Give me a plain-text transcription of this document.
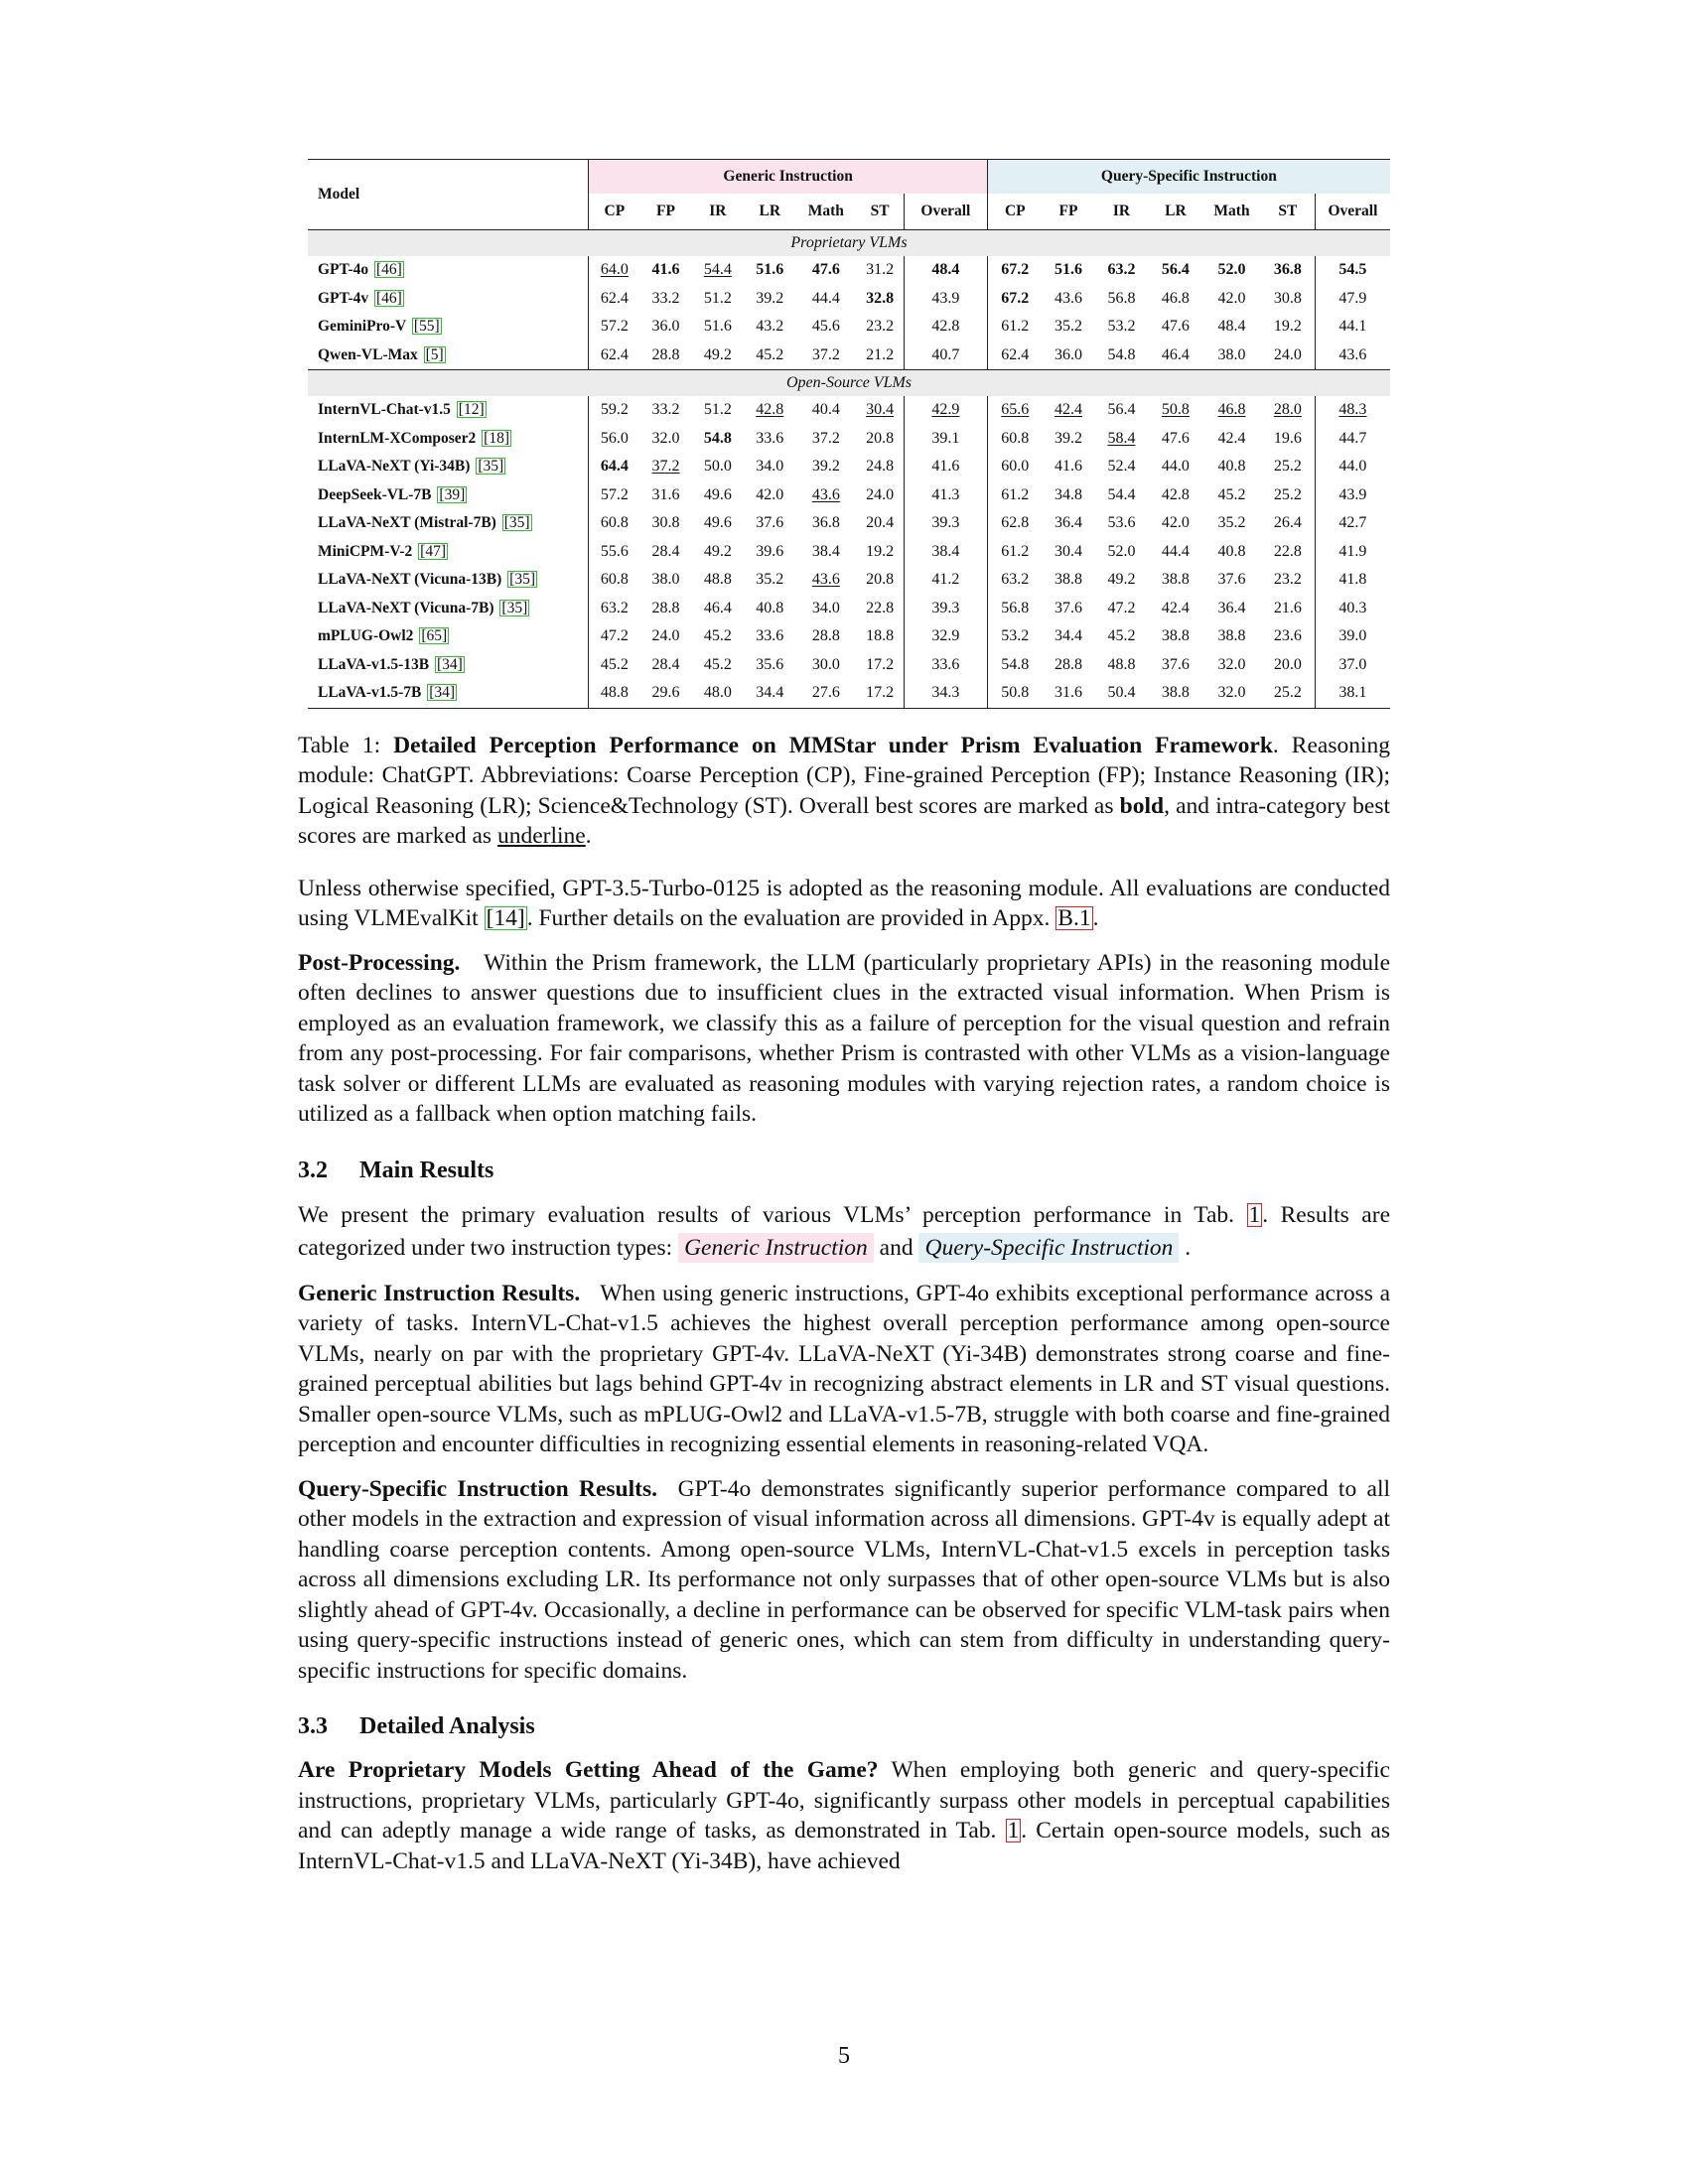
Model	Generic Instruction							Query-Specific Instruction						
	CP	FP	IR	LR	Math	ST	Overall	CP	FP	IR	LR	Math	ST	Overall
Proprietary VLMs														
GPT-4o [46]	64.0	41.6	54.4	51.6	47.6	31.2	48.4	67.2	51.6	63.2	56.4	52.0	36.8	54.5
GPT-4v [46]	62.4	33.2	51.2	39.2	44.4	32.8	43.9	67.2	43.6	56.8	46.8	42.0	30.8	47.9
GeminiPro-V [55]	57.2	36.0	51.6	43.2	45.6	23.2	42.8	61.2	35.2	53.2	47.6	48.4	19.2	44.1
Qwen-VL-Max [5]	62.4	28.8	49.2	45.2	37.2	21.2	40.7	62.4	36.0	54.8	46.4	38.0	24.0	43.6
Open-Source VLMs														
InternVL-Chat-v1.5 [12]	59.2	33.2	51.2	42.8	40.4	30.4	42.9	65.6	42.4	56.4	50.8	46.8	28.0	48.3
InternLM-XComposer2 [18]	56.0	32.0	54.8	33.6	37.2	20.8	39.1	60.8	39.2	58.4	47.6	42.4	19.6	44.7
LLaVA-NeXT (Yi-34B) [35]	64.4	37.2	50.0	34.0	39.2	24.8	41.6	60.0	41.6	52.4	44.0	40.8	25.2	44.0
DeepSeek-VL-7B [39]	57.2	31.6	49.6	42.0	43.6	24.0	41.3	61.2	34.8	54.4	42.8	45.2	25.2	43.9
LLaVA-NeXT (Mistral-7B) [35]	60.8	30.8	49.6	37.6	36.8	20.4	39.3	62.8	36.4	53.6	42.0	35.2	26.4	42.7
MiniCPM-V-2 [47]	55.6	28.4	49.2	39.6	38.4	19.2	38.4	61.2	30.4	52.0	44.4	40.8	22.8	41.9
LLaVA-NeXT (Vicuna-13B) [35]	60.8	38.0	48.8	35.2	43.6	20.8	41.2	63.2	38.8	49.2	38.8	37.6	23.2	41.8
LLaVA-NeXT (Vicuna-7B) [35]	63.2	28.8	46.4	40.8	34.0	22.8	39.3	56.8	37.6	47.2	42.4	36.4	21.6	40.3
mPLUG-Owl2 [65]	47.2	24.0	45.2	33.6	28.8	18.8	32.9	53.2	34.4	45.2	38.8	38.8	23.6	39.0
LLaVA-v1.5-13B [34]	45.2	28.4	45.2	35.6	30.0	17.2	33.6	54.8	28.8	48.8	37.6	32.0	20.0	37.0
LLaVA-v1.5-7B [34]	48.8	29.6	48.0	34.4	27.6	17.2	34.3	50.8	31.6	50.4	38.8	32.0	25.2	38.1
Table 1: Detailed Perception Performance on MMStar under Prism Evaluation Framework. Reasoning module: ChatGPT. Abbreviations: Coarse Perception (CP), Fine-grained Perception (FP); Instance Reasoning (IR); Logical Reasoning (LR); Science&Technology (ST). Overall best scores are marked as bold, and intra-category best scores are marked as underline.
Unless otherwise specified, GPT-3.5-Turbo-0125 is adopted as the reasoning module. All evaluations are conducted using VLMEvalKit [14]. Further details on the evaluation are provided in Appx. B.1.
Post-Processing. Within the Prism framework, the LLM (particularly proprietary APIs) in the reasoning module often declines to answer questions due to insufficient clues in the extracted visual information. When Prism is employed as an evaluation framework, we classify this as a failure of perception for the visual question and refrain from any post-processing. For fair comparisons, whether Prism is contrasted with other VLMs as a vision-language task solver or different LLMs are evaluated as reasoning modules with varying rejection rates, a random choice is utilized as a fallback when option matching fails.
3.2 Main Results
We present the primary evaluation results of various VLMs’ perception performance in Tab. 1. Results are categorized under two instruction types: Generic Instruction and Query-Specific Instruction .
Generic Instruction Results. When using generic instructions, GPT-4o exhibits exceptional performance across a variety of tasks. InternVL-Chat-v1.5 achieves the highest overall perception performance among open-source VLMs, nearly on par with the proprietary GPT-4v. LLaVA-NeXT (Yi-34B) demonstrates strong coarse and fine-grained perceptual abilities but lags behind GPT-4v in recognizing abstract elements in LR and ST visual questions. Smaller open-source VLMs, such as mPLUG-Owl2 and LLaVA-v1.5-7B, struggle with both coarse and fine-grained perception and encounter difficulties in recognizing essential elements in reasoning-related VQA.
Query-Specific Instruction Results. GPT-4o demonstrates significantly superior performance compared to all other models in the extraction and expression of visual information across all dimensions. GPT-4v is equally adept at handling coarse perception contents. Among open-source VLMs, InternVL-Chat-v1.5 excels in perception tasks across all dimensions excluding LR. Its performance not only surpasses that of other open-source VLMs but is also slightly ahead of GPT-4v. Occasionally, a decline in performance can be observed for specific VLM-task pairs when using query-specific instructions instead of generic ones, which can stem from difficulty in understanding query-specific instructions for specific domains.
3.3 Detailed Analysis
Are Proprietary Models Getting Ahead of the Game? When employing both generic and query-specific instructions, proprietary VLMs, particularly GPT-4o, significantly surpass other models in perceptual capabilities and can adeptly manage a wide range of tasks, as demonstrated in Tab. 1. Certain open-source models, such as InternVL-Chat-v1.5 and LLaVA-NeXT (Yi-34B), have achieved
5
